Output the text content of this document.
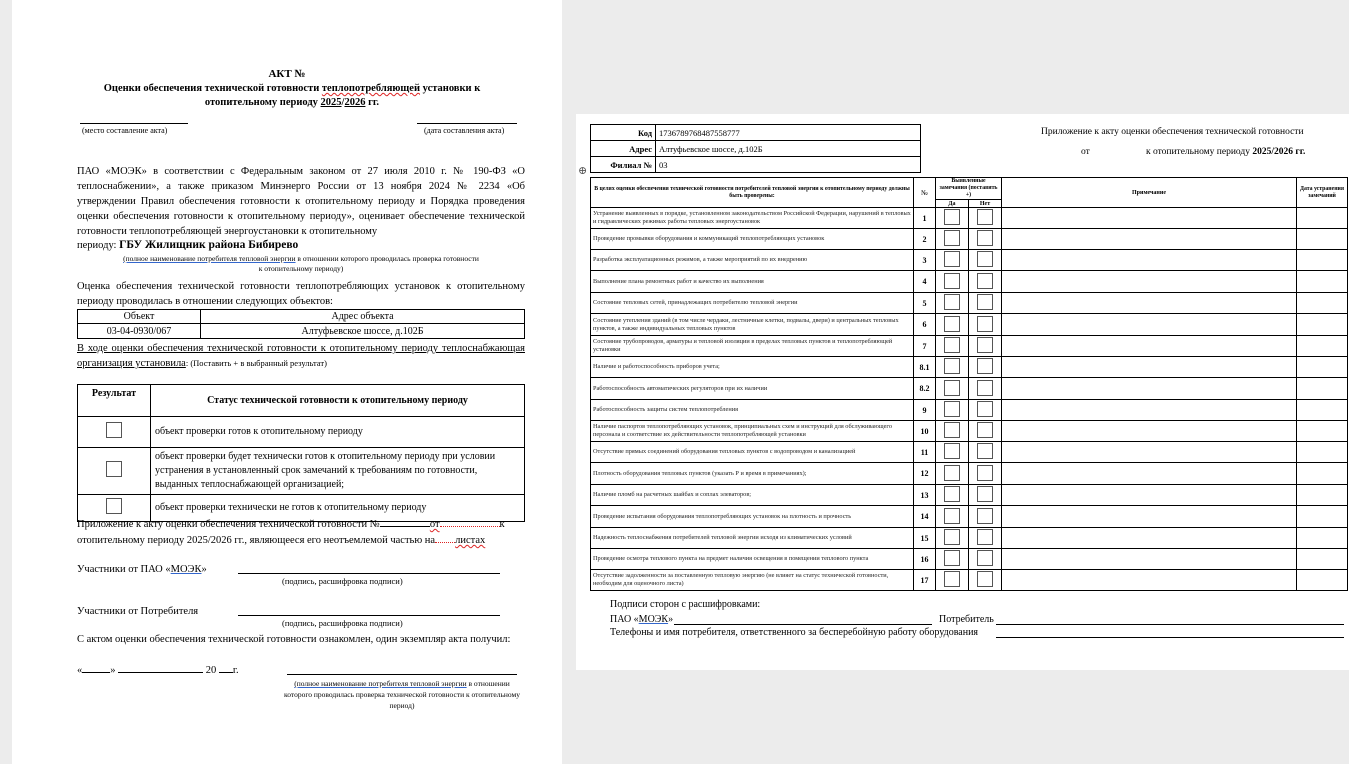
АКТ №
Оценки обеспечения технической готовности теплопотребляющей установки к
отопительному периоду 2025/2026 гг.
(место составление акта)	(дата составления акта)
ПАО «МОЭК» в соответствии с Федеральным законом от 27 июля 2010 г. № 190-ФЗ «О теплоснабжении», а также приказом Минэнерго России от 13 ноября 2024 № 2234 «Об утверждении Правил обеспечения готовности к отопительному периоду и Порядка проведения оценки обеспечения готовности к отопительному периоду», оценивает обеспечение технической готовности теплопотребляющей энергоустановки к отопительному
периоду: ГБУ Жилищник района Бибирево
(полное наименование потребителя тепловой энергии в отношении которого проводилась проверка готовности
к отопительному периоду)
Оценка обеспечения технической готовности теплопотребляющих установок к отопительному периоду проводилась в отношении следующих объектов:
Объект	Адрес объекта
03-04-0930/067	Алтуфьевское шоссе, д.102Б
В ходе оценки обеспечения технической готовности к отопительному периоду теплоснабжающая организация установила: (Поставить + в выбранный результат)
Результат	Статус технической готовности к отопительному периоду
	объект проверки готов к отопительному периоду
	объект проверки будет технически готов к отопительному периоду при условии устранения в установленный срок замечаний к требованиям по готовности, выданных теплоснабжающей организацией;
	объект проверки технически не готов к отопительному периоду
Приложение к акту оценки обеспечения технической готовности №	от	к
отопительному периоду 2025/2026 гг., являющееся его неотъемлемой частью на листах
Участники от ПАО «МОЭК»
(подпись, расшифровка подписи)
Участники от Потребителя
(подпись, расшифровка подписи)
С актом оценки обеспечения технической готовности ознакомлен, один экземпляр акта получил:
«	»	20 г.
(полное наименование потребителя тепловой энергии в отношении которого проводилась проверка технической готовности к отопительному период)
Код	1736789768487558777
Адрес	Алтуфьевское шоссе, д.102Б
Филиал №	03
Приложение к акту оценки обеспечения технической готовности
от	к отопительному периоду 2025/2026 гг.
⊕
В целях оценки обеспечения технической готовности потребителей тепловой энергии к отопительному периоду должны быть проверены:	№	Выявленные замечания (поставить +)		Примечание	Дата устранения замечаний
		Да	Нет		
Устранение выявленных в порядке, установленном законодательством Российской Федерации, нарушений в тепловых и гидравлических режимах работы тепловых энергоустановок	1				
Проведение промывки оборудования и коммуникаций теплопотребляющих установок	2				
Разработка эксплуатационных режимов, а также мероприятий по их внедрению	3				
Выполнение плана ремонтных работ и качество их выполнения	4				
Состояние тепловых сетей, принадлежащих потребителю тепловой энергии	5				
Состояние утепления зданий (в том числе чердаки, лестничные клетки, подвалы, двери) и центральных тепловых пунктов, а также индивидуальных тепловых пунктов	6				
Состояние трубопроводов, арматуры и тепловой изоляции в пределах тепловых пунктов и теплопотребляющей установки	7				
Наличие и работоспособность приборов учета;	8.1				
Работоспособность автоматических регуляторов при их наличии	8.2				
Работоспособность защиты систем теплопотребления	9				
Наличие паспортов теплопотребляющих установок, принципиальных схем и инструкций для обслуживающего персонала и соответствие их действительности теплопотребляющей установки	10				
Отсутствие прямых соединений оборудования тепловых пунктов с водопроводом и канализацией	11				
Плотность оборудования тепловых пунктов (указать Р и время в примечаниях);	12				
Наличие пломб на расчетных шайбах и соплах элеваторов;	13				
Проведение испытания оборудования теплопотребляющих установок на плотность и прочность	14				
Надежность теплоснабжения потребителей тепловой энергии исходя из климатических условий	15				
Проведение осмотра теплового пункта на предмет наличия освещения в помещении теплового пункта	16				
Отсутствие задолженности за поставленную тепловую энергию (не влияет на статус технической готовности, необходим для оценочного листа)	17				
Подписи сторон с расшифровками:
ПАО «МОЭК»	Потребитель
Телефоны и имя потребителя, ответственного за бесперебойную работу оборудования
